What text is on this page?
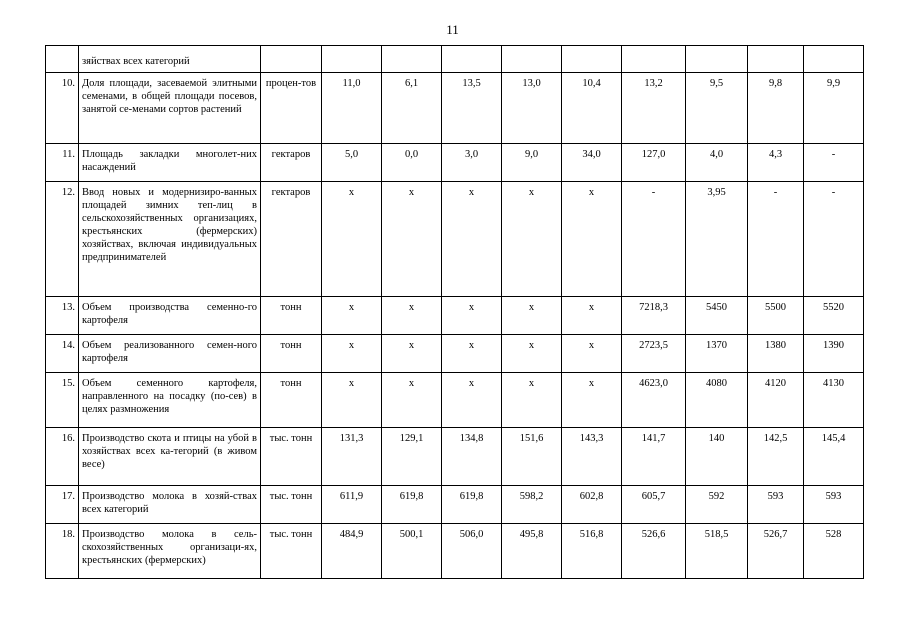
11
	зяйствах всех категорий										
10.	Доля площади, засеваемой элитными семенами, в общей площади посевов, занятой се-менами сортов растений	процен-тов	11,0	6,1	13,5	13,0	10,4	13,2	9,5	9,8	9,9
11.	Площадь закладки многолет-них насаждений	гектаров	5,0	0,0	3,0	9,0	34,0	127,0	4,0	4,3	-
12.	Ввод новых и модернизиро-ванных площадей зимних теп-лиц в сельскохозяйственных организациях, крестьянских (фермерских) хозяйствах, включая индивидуальных предпринимателей	гектаров	х	х	х	х	х	-	3,95	-	-
13.	Объем производства семенно-го картофеля	тонн	х	х	х	х	х	7218,3	5450	5500	5520
14.	Объем реализованного семен-ного картофеля	тонн	х	х	х	х	х	2723,5	1370	1380	1390
15.	Объем семенного картофеля, направленного на посадку (по-сев) в целях размножения	тонн	х	х	х	х	х	4623,0	4080	4120	4130
16.	Производство скота и птицы на убой в хозяйствах всех ка-тегорий (в живом весе)	тыс. тонн	131,3	129,1	134,8	151,6	143,3	141,7	140	142,5	145,4
17.	Производство молока в хозяй-ствах всех категорий	тыс. тонн	611,9	619,8	619,8	598,2	602,8	605,7	592	593	593
18.	Производство молока в сель-скохозяйственных организаци-ях, крестьянских (фермерских)	тыс. тонн	484,9	500,1	506,0	495,8	516,8	526,6	518,5	526,7	528
